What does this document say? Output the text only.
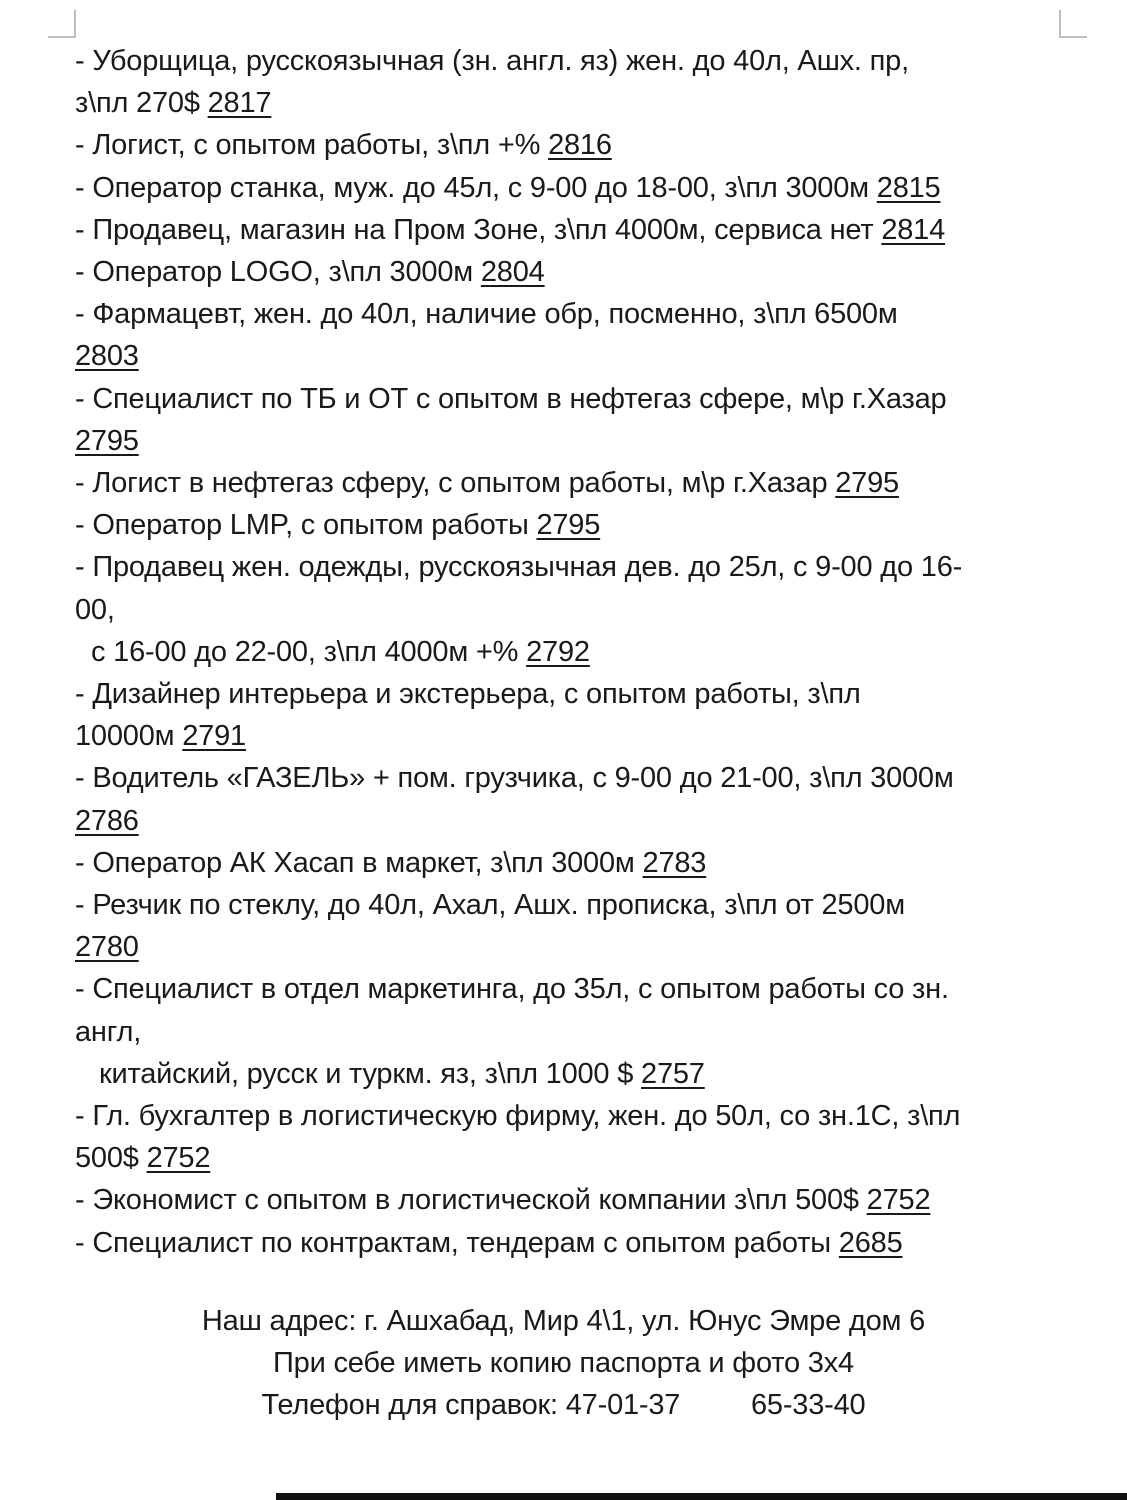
- Уборщица, русскоязычная (зн. англ. яз) жен. до 40л, Ашх. пр,
з\пл 270$ 2817
- Логист, с опытом работы, з\пл +% 2816
- Оператор станка, муж. до 45л, с 9-00 до 18-00, з\пл 3000м 2815
- Продавец, магазин на Пром Зоне, з\пл 4000м, сервиса нет 2814
- Оператор LOGO, з\пл 3000м 2804
- Фармацевт, жен. до 40л, наличие обр, посменно, з\пл 6500м
2803
- Специалист по ТБ и ОТ с опытом в нефтегаз сфере, м\р г.Хазар
2795
- Логист в нефтегаз сферу, с опытом работы, м\р г.Хазар 2795
- Оператор LMP, с опытом работы 2795
- Продавец жен. одежды, русскоязычная дев. до 25л, с 9-00 до 16-
00,
с 16-00 до 22-00, з\пл 4000м +% 2792
- Дизайнер интерьера и экстерьера, с опытом работы, з\пл
10000м 2791
- Водитель «ГАЗЕЛЬ» + пом. грузчика, с 9-00 до 21-00, з\пл 3000м
2786
- Оператор АК Хасап в маркет, з\пл 3000м 2783
- Резчик по стеклу, до 40л, Ахал, Ашх. прописка, з\пл от 2500м
2780
- Специалист в отдел маркетинга, до 35л, с опытом работы со зн.
англ,
китайский, русск и туркм. яз, з\пл 1000 $ 2757
- Гл. бухгалтер в логистическую фирму, жен. до 50л, со зн.1С, з\пл
500$ 2752
- Экономист с опытом в логистической компании з\пл 500$ 2752
- Специалист по контрактам, тендерам с опытом работы 2685
Наш адрес: г. Ашхабад, Мир 4\1, ул. Юнус Эмре дом 6
При себе иметь копию паспорта и фото 3х4
Телефон для справок: 47-01-37 65-33-40
